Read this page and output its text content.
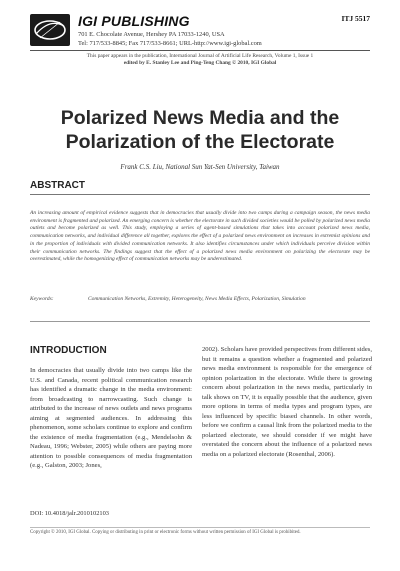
IGI PUBLISHING
701 E. Chocolate Avenue, Hershey PA 17033-1240, USA
Tel: 717/533-8845; Fax 717/533-8661; URL-http://www.igi-global.com
ITJ 5517
This paper appears in the publication, International Journal of Artificial Life Research, Volume 1, Issue 1
edited by E. Stanley Lee and Ping-Teng Chang © 2010, IGI Global
Polarized News Media and the
Polarization of the Electorate
Frank C.S. Liu, National Sun Yat-Sen University, Taiwan
ABSTRACT
An increasing amount of empirical evidence suggests that in democracies that usually divide into two camps during a campaign season, the news media environment is fragmented and polarized. An emerging concern is whether the electorate in such divided societies would be polled by polarized news media outlets and become polarized as well. This study, employing a series of agent-based simulations that takes into account polarized news media, communication networks, and individual difference all together, explores the effect of a polarized news environment on increases in extremist opinions and in the proportion of individuals with divided communication networks. It also identifies circumstances under which individuals perceive division within their communication networks. The findings suggest that the effect of a polarized news media environment on polarizing the electorate may be overestimated, while the homogenizing effect of communication networks may be underestimated.
Keywords:	Communication Networks, Extremity, Heterogeneity, News Media Effects, Polarization, Simulation
INTRODUCTION
In democracies that usually divide into two camps like the U.S. and Canada, recent political communication research has identified a dramatic change in the media environment: from broadcasting to narrowcasting. Such change is attributed to the increase of news outlets and news programs aiming at segmented audiences. In addressing this phenomenon, some scholars continue to explore and confirm the existence of media fragmentation (e.g., Mendelsohn & Nadeau, 1996; Webster, 2005) while others are paying more attention to possible consequences of media fragmentation (e.g., Galston, 2003; Jones,
2002). Scholars have provided perspectives from different sides, but it remains a question whether a fragmented and polarized news media environment is responsible for the emergence of opinion polarization in the electorate. While there is growing concern about polarization in the news media, particularly in talk shows on TV, it is equally possible that the audience, given more options in terms of media types and program types, are less influenced by specific biased channels. In other words, before we confirm a causal link from the polarized media to the polarized electorate, we should consider if we might have overstated the concern about the influence of a polarized news media on a polarized electorate (Rosenthal, 2006).
DOI: 10.4018/jalr.2010102103
Copyright © 2010, IGI Global. Copying or distributing in print or electronic forms without written permission of IGI Global is prohibited.
